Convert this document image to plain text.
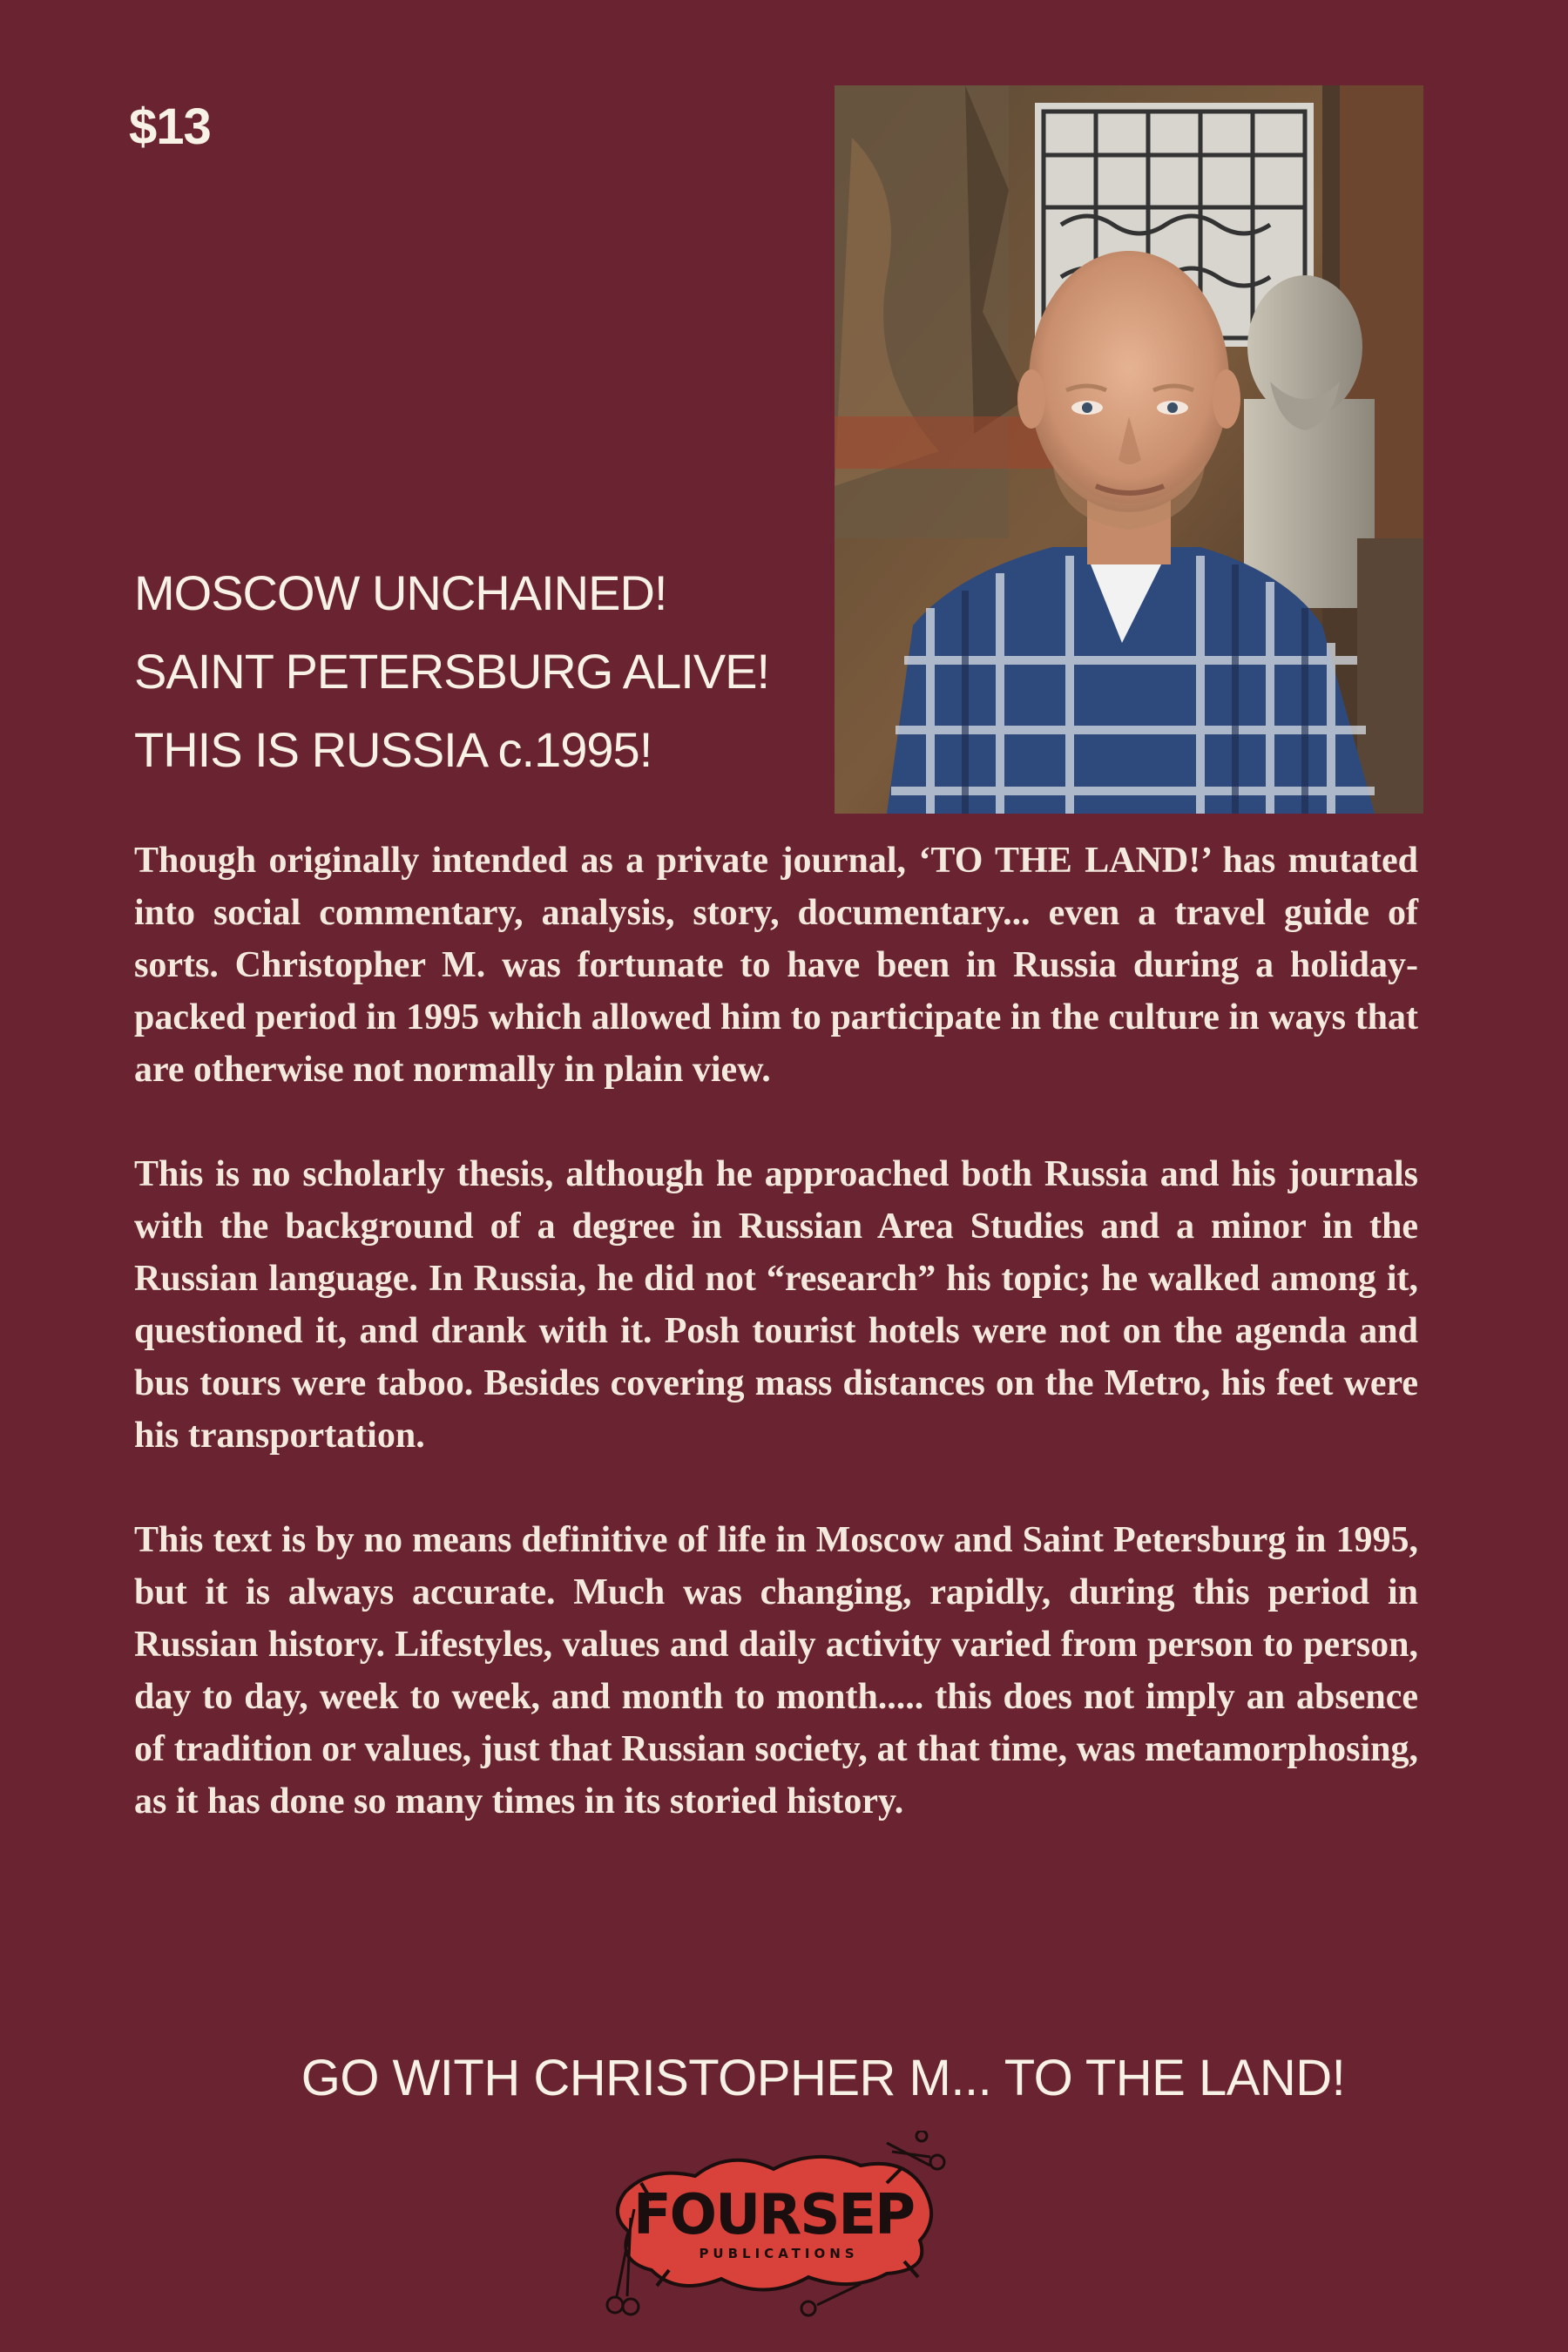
$13
MOSCOW UNCHAINED!
SAINT PETERSBURG ALIVE!
THIS IS RUSSIA c.1995!

Though originally intended as a private journal, ‘TO THE LAND!’ has mutated into social commentary, analysis, story, documentary... even a travel guide of sorts. Christopher M. was fortunate to have been in Russia during a holiday-packed period in 1995 which allowed him to participate in the culture in ways that are otherwise not normally in plain view.

This is no scholarly thesis, although he approached both Russia and his journals with the background of a degree in Russian Area Studies and a minor in the Russian language. In Russia, he did not “research” his topic; he walked among it, questioned it, and drank with it. Posh tourist hotels were not on the agenda and bus tours were taboo. Besides covering mass distances on the Metro, his feet were his transportation.

This text is by no means definitive of life in Moscow and Saint Petersburg in 1995, but it is always accurate. Much was changing, rapidly, during this period in Russian history. Lifestyles, values and daily activity varied from person to person, day to day, week to week, and month to month..... this does not imply an absence of tradition or values, just that Russian society, at that time, was metamorphosing, as it has done so many times in its storied history.

GO WITH CHRISTOPHER M... TO THE LAND!
FOURSEP
PUBLICATIONS
